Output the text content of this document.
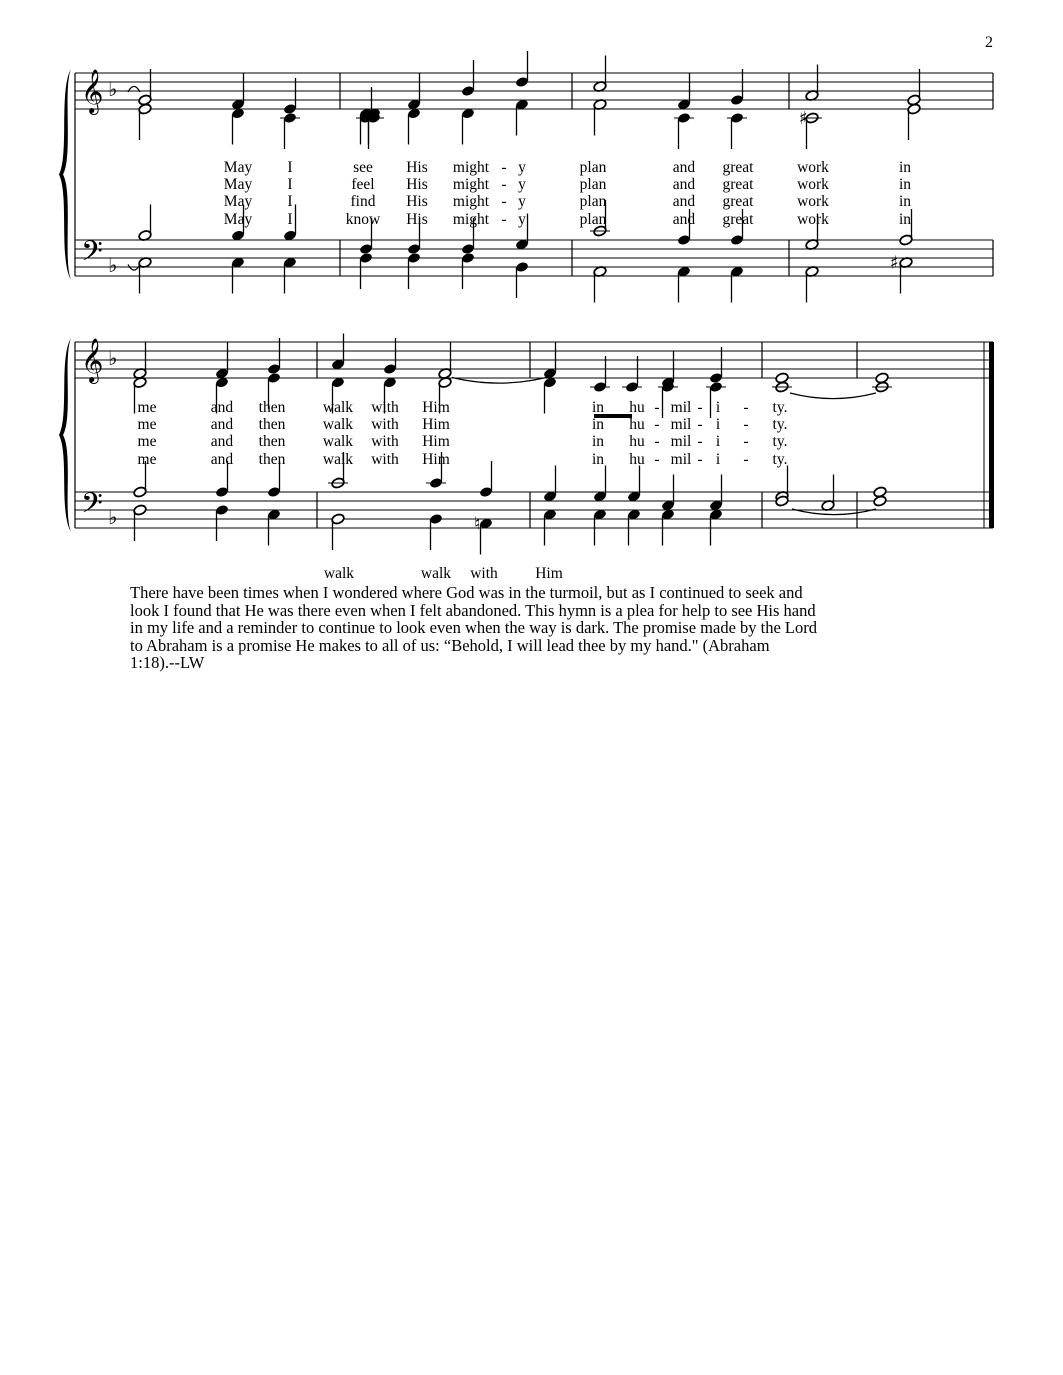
2
𝄞
𝄢
♭
♭
𝄞
𝄢
♭
♭
♯
♯
♮
May I	see His might - y	plan	and great	work	in
May I	feel His might - y	plan	and great	work	in
May I	find His might - y	plan	and great	work	in
May I	know His might - y	plan	and great	work	in
me	and then walk with Him	in hu - mil - i - ty.
me	and then walk with Him	in hu - mil - i - ty.
me	and then walk with Him	in hu - mil - i - ty.
me	and then walk with Him	in hu - mil - i - ty.
walk	walk with Him
There have been times when I wondered where God was in the turmoil, but as I continued to seek and
look I found that He was there even when I felt abandoned. This hymn is a plea for help to see His hand
in my life and a reminder to continue to look even when the way is dark. The promise made by the Lord
to Abraham is a promise He makes to all of us: “Behold, I will lead thee by my hand." (Abraham
1:18).--LW
